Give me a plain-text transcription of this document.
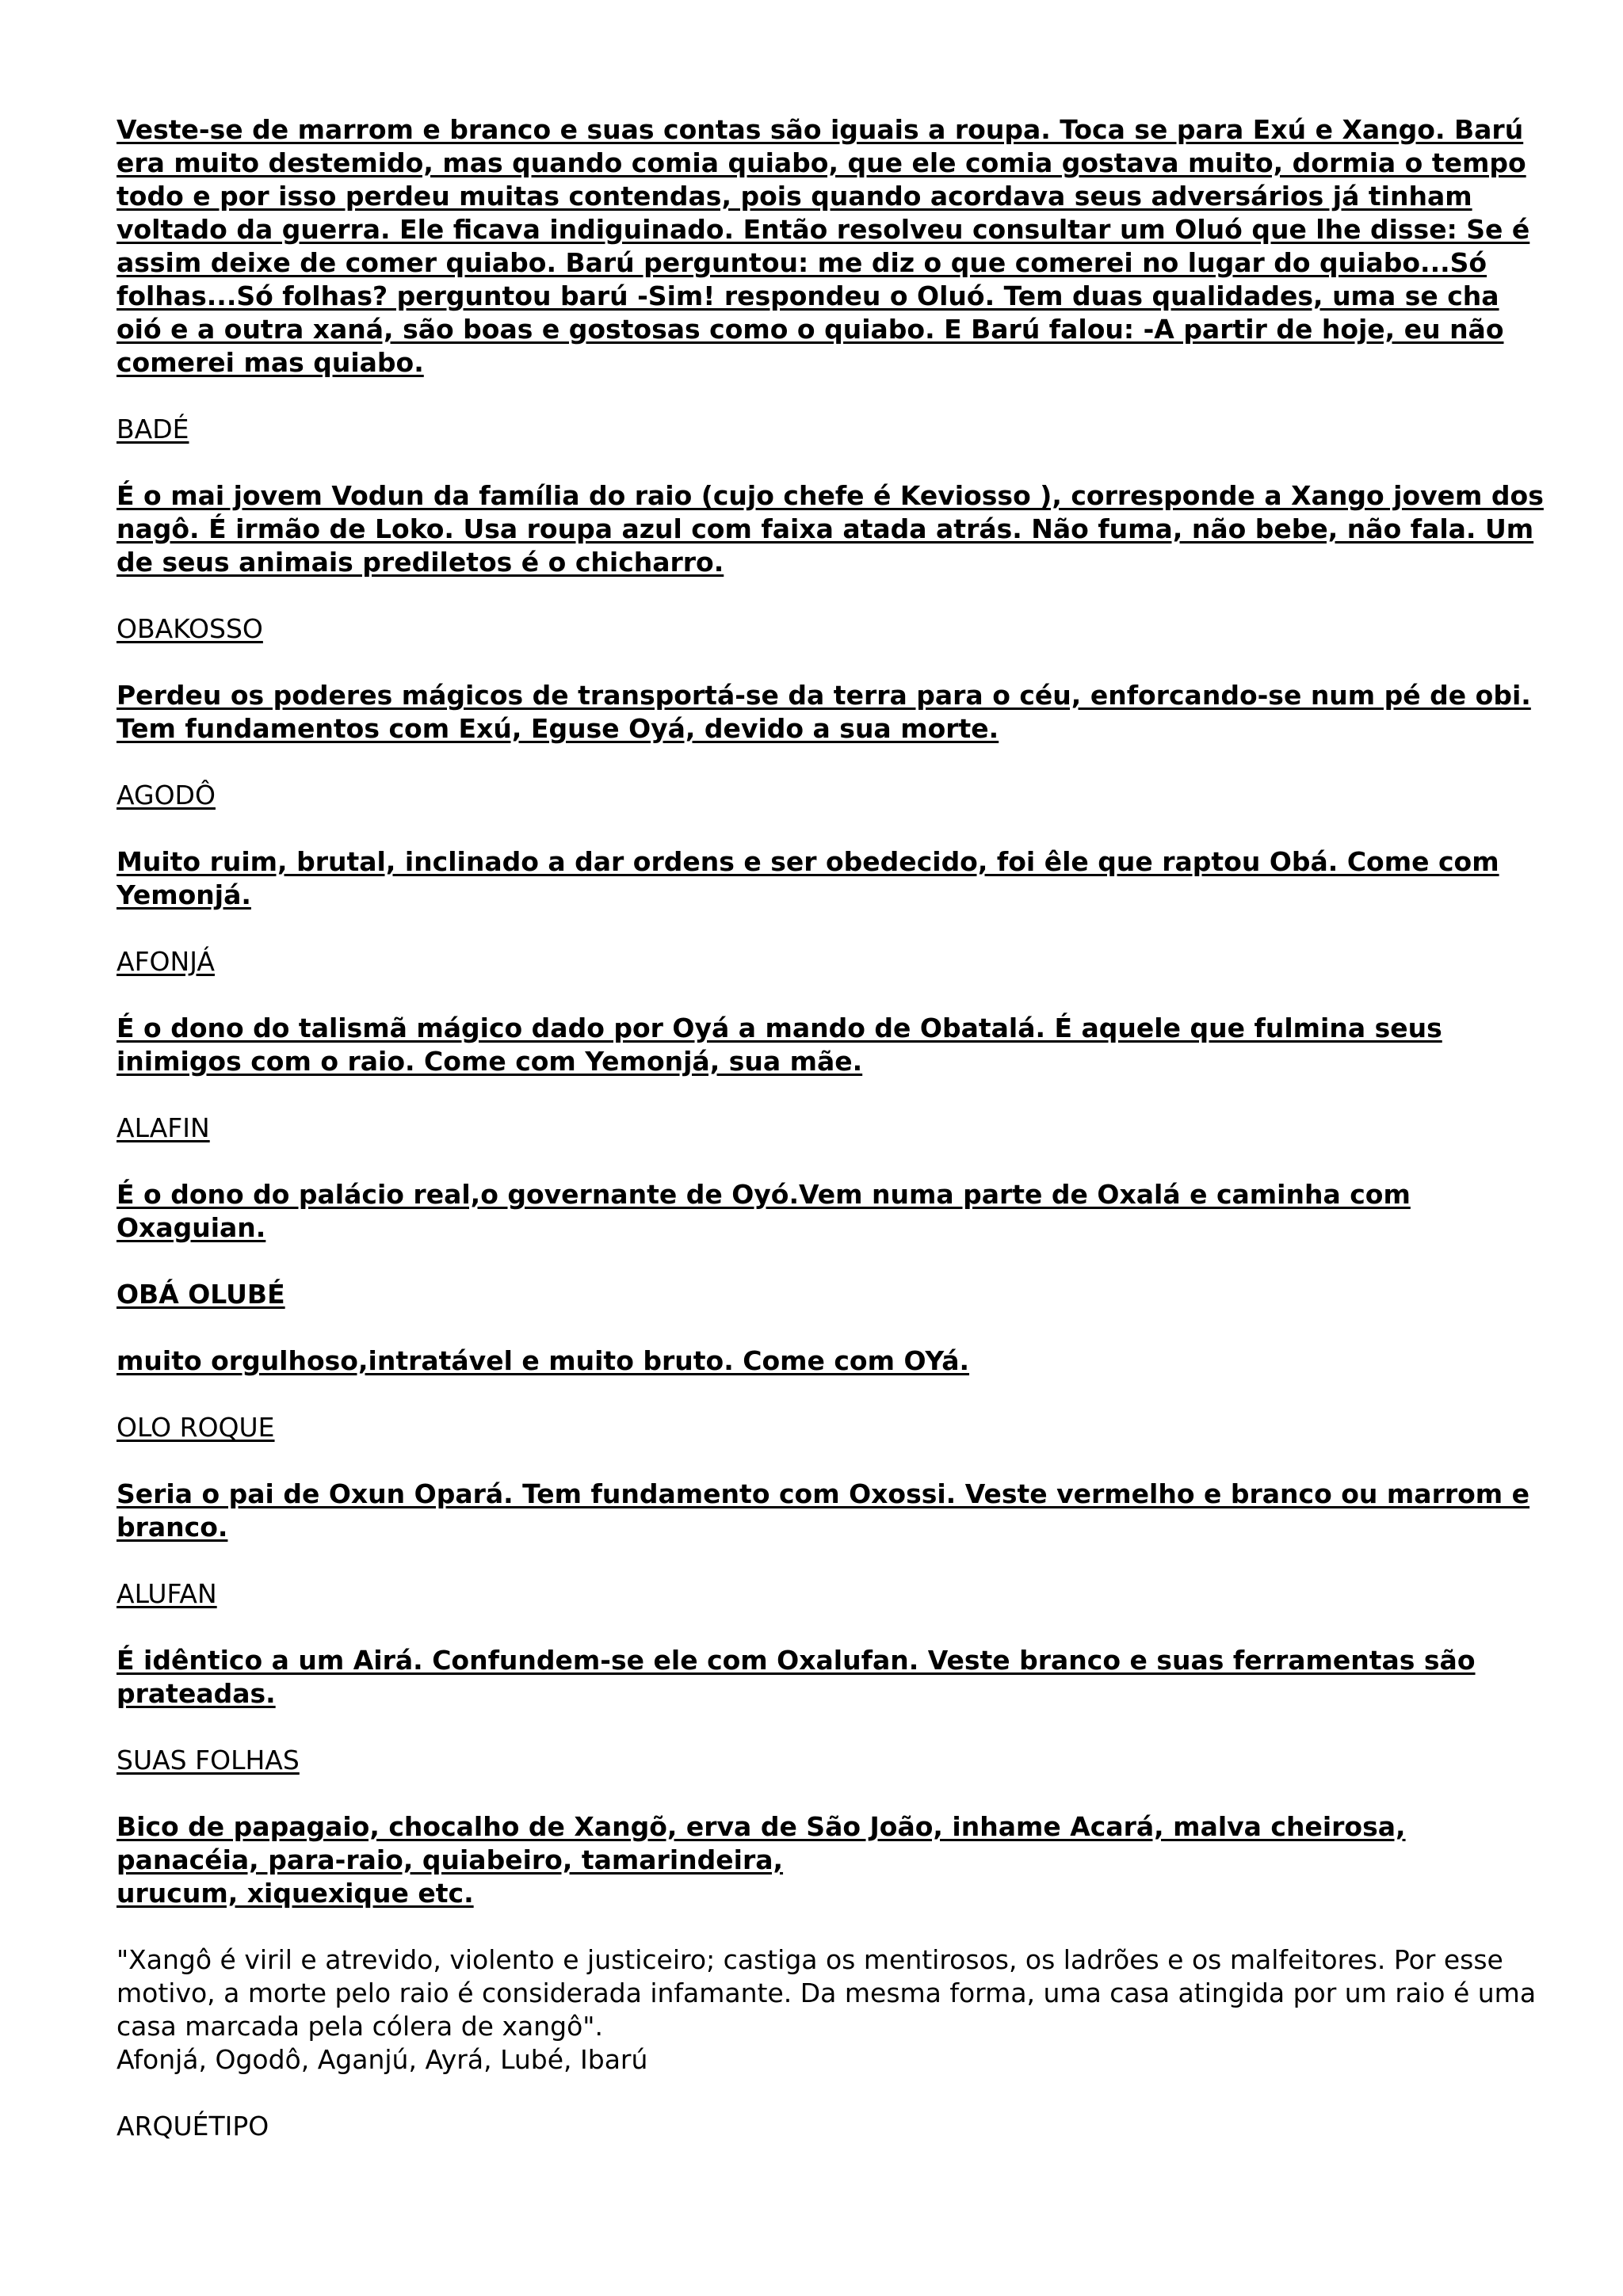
Veste-se de marrom e branco e suas contas são iguais a roupa. Toca se para Exú e Xango. Barú era muito destemido, mas quando comia quiabo, que ele comia gostava muito, dormia o tempo todo e por isso perdeu muitas contendas, pois quando acordava seus adversários já tinham voltado da guerra. Ele ficava indiguinado. Então resolveu consultar um Oluó que lhe disse: Se é assim deixe de comer quiabo. Barú perguntou: me diz o que comerei no lugar do quiabo...Só folhas...Só folhas? perguntou barú -Sim! respondeu o Oluó. Tem duas qualidades, uma se cha oió e a outra xaná, são boas e gostosas como o quiabo. E Barú falou: -A partir de hoje, eu não comerei mas quiabo.

BADÉ

É o mai jovem Vodun da família do raio (cujo chefe é Keviosso ), corresponde a Xango jovem dos nagô. É irmão de Loko. Usa roupa azul com faixa atada atrás. Não fuma, não bebe, não fala. Um de seus animais prediletos é o chicharro.

OBAKOSSO

Perdeu os poderes mágicos de transportá-se da terra para o céu, enforcando-se num pé de obi. Tem fundamentos com Exú, Eguse Oyá, devido a sua morte.

AGODÔ

Muito ruim, brutal, inclinado a dar ordens e ser obedecido, foi êle que raptou Obá. Come com Yemonjá.

AFONJÁ

É o dono do talismã mágico dado por Oyá a mando de Obatalá. É aquele que fulmina seus inimigos com o raio. Come com Yemonjá, sua mãe.

ALAFIN

É o dono do palácio real,o governante de Oyó.Vem numa parte de Oxalá e caminha com Oxaguian.

OBÁ OLUBÉ

muito orgulhoso,intratável e muito bruto. Come com OYá.

OLO ROQUE

Seria o pai de Oxun Opará. Tem fundamento com Oxossi. Veste vermelho e branco ou marrom e branco.

ALUFAN

É idêntico a um Airá. Confundem-se ele com Oxalufan. Veste branco e suas ferramentas são prateadas.

SUAS FOLHAS

Bico de papagaio, chocalho de Xangõ, erva de São João, inhame Acará, malva cheirosa,
panacéia, para-raio, quiabeiro, tamarindeira,
urucum, xiquexique etc.

"Xangô é viril e atrevido, violento e justiceiro; castiga os mentirosos, os ladrões e os malfeitores. Por esse motivo, a morte pelo raio é considerada infamante. Da mesma forma, uma casa atingida por um raio é uma casa marcada pela cólera de xangô".
Afonjá, Ogodô, Aganjú, Ayrá, Lubé, Ibarú

ARQUÉTIPO
